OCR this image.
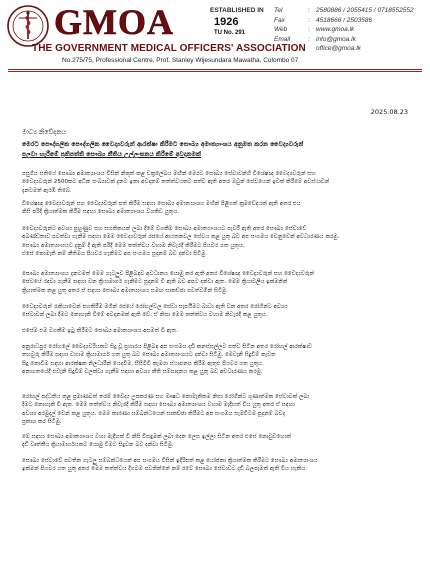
GMOA	ESTABLISHED IN
1926
TU No. 291
THE GOVERNMENT MEDICAL OFFICERS' ASSOCIATION
No.275/75, Professional Centre, Prof. Stanley Wijesundara Mawatha, Colombo 07
Tel	: 2580886 / 2055415 / 0718552552
Fax	: 4518666 / 2503586
Web	: www.gmoa.lk
Email	: info@gmoa.lk
office@gmoa.lk
2025.08.23
මාධ්‍ය නිවේදනය
මෙරට පෞද්ගලික පෞද්ගලික වෛද්‍යවරුන් ආරක්ෂා කිරීමට සෞඛ්‍ය අමාත්‍යාංශය අනුමත කරන වෛද්‍යවරුන්
පලවා හැරීමේ ප්‍රතිපත්ති සෞඛ්‍ය නීතිය උල්ලංඝනය කිරීමේ අවදානමක්
පසුගිය සතියේ සෞඛ්‍ය අමාත්‍යාංශය විසින් නිකුත් කළ චක්‍රලේඛය මඟින් මෙරට සෞඛ්‍ය සේවාවන්හි විශේෂඥ වෛද්‍යවරුන් සහ
වෛද්‍යවරුන් 2500කට අධික සංඛ්‍යාවක් දැනට ඉතා අවදානම් තත්ත්වයකට පත්ව ඇති අතර ඔවුන් සේවයෙන් ඉවත් කිරීමේ අවස්ථාවන්
දැනටමත් ඇරඹී තිබේ.
විශේෂඥ වෛද්‍යවරුන් සහ වෛද්‍යවරුන් පත් කිරීම සඳහා සෞඛ්‍ය අමාත්‍යාංශය මඟින් පිළිගත් ක්‍රමවේදයක් ඇති අතර එය
නිසි පරිදි ක්‍රියාත්මක කිරීම සඳහා සෞඛ්‍ය අමාත්‍යාංශය වගකිව යුතුය.
වෛද්‍යවරුන්ට අවශ්‍ය පුහුණුව සහ සහතිකයන් ලබා දීමේ වගකීම සෞඛ්‍ය අමාත්‍යාංශයට පැවරී ඇති අතර සෞඛ්‍ය සේවාවේ
අඛණ්ඩතාව පවත්වා ගැනීම සඳහා මෙම වෛද්‍යවරුන් රජයේ ආයතනවල සේවය කළ යුතු බව අප සංගමය වෙනුවෙන් අවධාරණය කරමු.
සෞඛ්‍ය අමාත්‍යාංශයට දැනුම් දී ඇති පරිදි මෙම තත්ත්වය වහාම නිවැරදි කිරීමට පියවර ගත යුතුය.
එසේ නොමැති නම් නීතිමය පියවර ගැනීමට අප සංගමය සූදානම් බව දන්වා සිටිමු.
සෞඛ්‍ය අමාත්‍යාංශය දැනටමත් මෙම ගැටලුව පිළිබඳව අවධානය යොමු කර ඇති අතර විශේෂඥ වෛද්‍යවරුන් සහ වෛද්‍යවරුන්
සේවයේ රඳවා ගැනීම සඳහා වන ක්‍රියාමාර්ග ගැනීමට සූදානම් වී ඇති බව අපට දන්වා ඇත. මෙම ක්‍රියාවලිය ඉක්මනින්
ක්‍රියාත්මක කළ යුතු අතර ඒ සඳහා සෞඛ්‍ය අමාත්‍යාංශය සමඟ සාකච්ඡා පවත්වමින් සිටිමු.
වෛද්‍යවරුන් රැකියාවෙන් පහකිරීම මගින් රජයේ රෝහල්වල සේවා සැපයීමට බාධා ඇති වන අතර රෝගීන්ට අවශ්‍ය
සේවාවන් ලබා දීමට නොහැකි වීමේ අවදානමක් ඇති වේ. ඒ නිසා මෙම තත්ත්වය වහාම නිවැරදි කළ යුතුය.
එසේම එම වගකීම ඉටු කිරීමට සෞඛ්‍ය අමාත්‍යාංශය අසමත් වී ඇත.
අනුරාධපුර රෝහලේ වෛද්‍යවරියකට සිදු වූ ප්‍රහාරය පිළිබඳ අප සංගමය දැඩි කනස්සල්ලට පත්ව සිටින අතර රෝහල් ආරක්ෂාව
තහවුරු කිරීම සඳහා වහාම ක්‍රියාමාර්ග ගත යුතු බව සෞඛ්‍ය අමාත්‍යාංශයට දන්වා සිටිමු. මෙවැනි සිදුවීම් නැවත
සිදු නොවීම සඳහා ආරක්ෂක නිලධාරීන් යෙදවීම, සීසීටීවී කැමරා ස්ථාපනය කිරීම ඇතුළු පියවර ගත යුතුය.
අනාගතයේදී එවැනි සිදුවීම් වලක්වා ගැනීම සඳහා අවශ්‍ය නීති සම්පාදනය කළ යුතු බව අවධාරණය කරමු.
රෝහල් පද්ධතිය තුළ ප්‍රමාණවත් තරම් වෛද්‍ය උපකරණ සහ ඖෂධ නොමැතිකම නිසා රෝගීන්ට ගුණාත්මක සේවාවක් ලබා
දීමට නොහැකි වී ඇත. මෙම තත්ත්වය නිවැරදි කිරීම සඳහා සෞඛ්‍ය අමාත්‍යාංශය වහාම මැදිහත් විය යුතු අතර ඒ සඳහා
අවශ්‍ය අරමුදල් වෙන් කළ යුතුය. මෙම කාරණා සම්බන්ධයෙන් සාකච්ඡා කිරීමට අප සංගමය සැමවිටම සූදානම් බවද
ප්‍රකාශ කර සිටිමු.
මේ සඳහා සෞඛ්‍ය අමාත්‍යාංශය වහා මැදිහත් වී නිසි විසඳුමක් ලබා දෙන ලෙස ඉල්ලා සිටින අතර එසේ නොවුවහොත්
දැඩි වෘත්තීය ක්‍රියාමාර්ගයකට යොමු වීමට සිදුවන බව දන්වා සිටිමු.
සෞඛ්‍ය සේවාවේ පවතින ගැටලු සම්බන්ධයෙන් අප සංගමය විසින් ඉදිරිපත් කළ යෝජනා ක්‍රියාත්මක කිරීමට සෞඛ්‍ය අමාත්‍යාංශය
ඉක්මන් පියවර ගත යුතු අතර මෙම තත්ත්වය දිගටම පවතින්නේ නම් රටේ සෞඛ්‍ය සේවාවට දැඩි බලපෑමක් ඇති විය හැකිය.
